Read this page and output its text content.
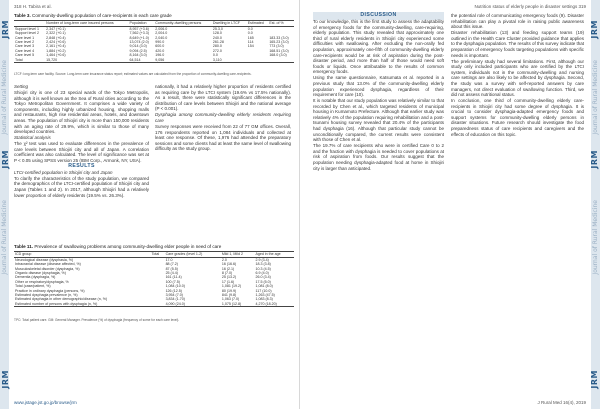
JRM
JRM
JRM
Journal of Rural Medicine
Journal of Rural Medicine
318 H. Tabira et al.
Table 3. Community-dwelling population of care-recipients in each care grade
	Number of long-term care insured persons	Population	Community-dwelling persons	Dwelling in LTCF	Estimated	Est. of %
Support level 1	2,347 (+0.1)	8,957 (+3.6)	2,006.0	25.3,0	0.0	
Support level 2	2,322 (+0.1)	7,562 (+3.3)	2,004.0	128.0	0.0	
Care level 1	2,848 (+0.4)	8,649 (+1.0)	2,040.0	240.0	165	183.33 (3.0)
Care level 2	2,424 (+0.6)	13,074 (2.0)	990.0	261.28	114	165.23 (3.0)
Care level 3	2,161 (+0.4)	9,014 (3.0)	600.0	280.0	154	773 (3.0)
Care level 4	1,884 (+0.2)	9,094 (2.5)	420.0	272.0		168.51 (3.0)
Care level 5	1,464 (+0.6)	8,164 (3.0)	196.0	0.0		168.0 (3.0)
Total	15,720	64,514	9,056	3,110		
LTCF: long-term care facility. Source: Long-term care insurance status report; estimated values are calculated from the proportion of community-dwelling care-recipients.

Setting

Shiojiri city is one of 23 special wards of the Tokyo Metropolis, although it is well known as the Sea of Rural cities according to the Tokyo Metropolitan Government. It comprises a wide variety of components, including highly urbanized housing, shopping malls and restaurants, high rise residential areas, hotels, and downtown areas. The population of Shiojiri city is more than 150,000 residents with an aging rate of 29.9%, which is similar to those of many developed countries.

Statistical analysis

The χ² test was used to evaluate differences in the prevalence of care levels between Shiojiri city and all of Japan. A correlation coefficient was also calculated. The level of significance was set at P < 0.05 using SPSS version 25 (IBM Corp., Armonk, NY, USA).

RESULTS

LTCI-certified population in Shiojiri city and Japan

To clarify the characteristics of the study population, we compared the demographics of the LTCI-certified population of Shiojiri city and Japan (Tables 1 and 2). In 2017, although Shiojiri had a relatively lower proportion of elderly residents (19.5% vs. 26.3%).

nationally, it had a relatively higher proportion of residents certified as requiring care by the LTCI system (19.6% vs 17.5% nationally). As a result, there were statistically significant differences in the distribution of care levels between Shiojiri and the national average (P < 0.001).

Dysphagia among community-dwelling elderly residents requiring care

Survey responses were received from 22 of 77 GM offices. Overall, 176 respondents reported on 1,084 individuals and collected at least one response. Of these, 1,976 had attended the preparatory sessions and some clients had at least the same level of swallowing difficulty as the study group.

Table 11. Prevalence of swallowing problems among community-dwelling elder people in need of care
ICD group	Total	Care grades (level 1-2)	Mild 1, Mild 2	Aged in the age
Neurological disease (dysphasia, %)		17.0	2.0	2.9 (3.4)
Intracranial disease (disease affected, %)		88 (7.2)	16 (16.6)	18.3 (3.8)
Musculoskeletal disorder (dysphagia, %)		87 (5.5)	16 (2.1)	10.3 (4.5)
Organic disease (dysphagia, %)		25 (4.4)	8 (7.0)	6.9 (4.0)
Dementia (dysphagia, %)		161 (11.4)	25 (13.2)	26.0 (3.4)
Other or respiratory/dysphagia, %		100 (7.5)	17 (1.6)	17.5 (5.0)
Total (case/patient, %)		1,084 (10.0)	1,081 (19.2)	1,081 (8.0)
Practice in ordinary dysphagia (persons, %)		126 (12.5)	80 (19.9)	117 (10.0)
Estimated dysphagia prevalence (n, %)		3,954 (7.0)	841 (9.8)	1,263 (47.5)
Estimated dysphagia in other demographic/disease (n, %)		3,834 (1.70)	1,063 (7.0)	1,083 (8.3)
Estimated number of persons with dysphagia (n, %)		4,090 (24.0)	1,075 (12.8)	4,270 (18.20)
TPC: Total patient care. GM: General Manager. Prevalence (%) of dysphagia (frequency of some for each care level).
www.jstage.jst.go.jp/browse/jrm
JRM
JRM
JRM
Journal of Rural Medicine
Journal of Rural Medicine
Nutrition status of elderly people in disaster settings 319

DISCUSSION

To our knowledge, this is the first study to assess the adaptability of emergency foods for the community-dwelling, care-requiring, elderly population. This study revealed that approximately one third of rural elderly residents in Shiojiri city experienced some difficulties with swallowing. After excluding the non-orally fed population, approximately one-fifth of community-dwelling elderly care-recipients would be at risk of aspiration during the post-disaster period, and more than half of those would need soft foods or liquids. Once attributable to the results of common emergency foods.

Using the same questionnaire, Katsumata et al. reported in a previous study that 13.0% of the community-dwelling elderly population experienced dysphagia, regardless of their requirement for care (10).

It is notable that our study population was relatively similar to that recorded by Chen et al., which targeted residents of municipal housing in Kumamoto Prefecture. Although that earlier study was relatively 4% of the population requiring rehabilitation and a post-tsunami housing survey revealed that 20.4% of the participants had dysphagia (16). Although that particular study cannot be unconditionally compared, the current results were consistent with those of Chen et al.

The 19.7% of care recipients who were in certified Care 0 to 2 and the fraction with dysphagia is needed to cover populations at risk of aspiration from foods. Our results suggest that the population needing dysphagia-adapted food at home in Shiojiri city is larger than anticipated.

the potential role of communicating emergency foods (9). Disaster rehabilitation can play a pivotal role in raising public awareness about this issue.

Disaster rehabilitation (13) and feeding support teams (19) outlined in the Health Care Cluster provided guidance that applies to the dysphagia population. The results of this survey indicate that preparation of emergency foods targeting populations with specific needs is important.

The preliminary study had several limitations. First, although our study only included participants who are certified by the LTCI system, individuals not in the community-dwelling and nursing care settings are also likely to be affected by dysphagia. Second, the study was a survey with self-reported answers by care managers, not direct evaluation of swallowing function. Third, we did not assess nutritional status.

In conclusion, one third of community-dwelling elderly care-recipients in Shiojiri city had some degree of dysphagia. It is crucial to consider dysphagia-adapted emergency foods and support systems for community-dwelling elderly persons in disaster situations. Future research should investigate the food preparedness status of care recipients and caregivers and the effects of education on this topic.

J Rural Med 16(4), 2019
